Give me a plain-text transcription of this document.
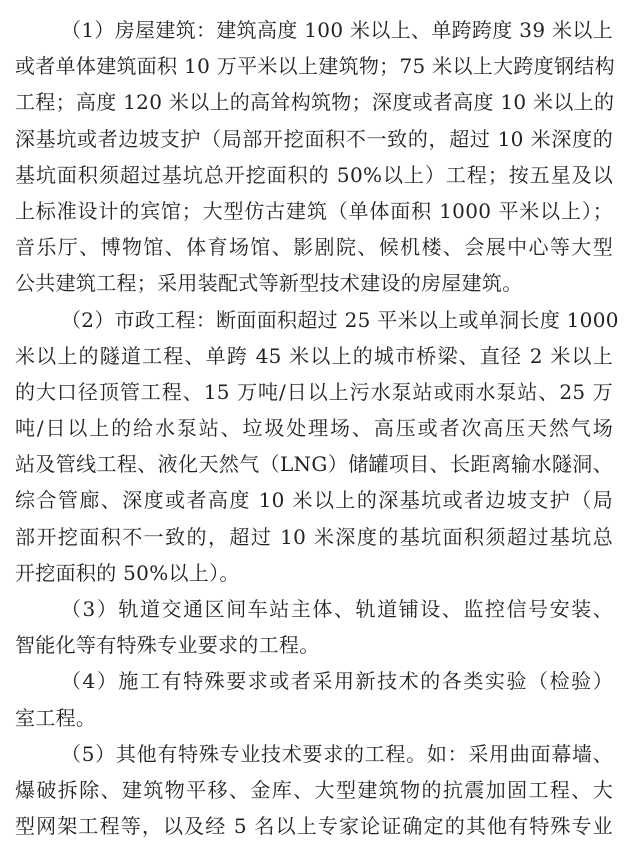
（1）房屋建筑：建筑高度 100 米以上、单跨跨度 39 米以上
或者单体建筑面积 10 万平米以上建筑物；75 米以上大跨度钢结构
工程；高度 120 米以上的高耸构筑物；深度或者高度 10 米以上的
深基坑或者边坡支护（局部开挖面积不一致的，超过 10 米深度的
基坑面积须超过基坑总开挖面积的 50%以上）工程；按五星及以
上标准设计的宾馆；大型仿古建筑（单体面积 1000 平米以上）；
音乐厅、博物馆、体育场馆、影剧院、候机楼、会展中心等大型
公共建筑工程；采用装配式等新型技术建设的房屋建筑。
（2）市政工程：断面面积超过 25 平米以上或单洞长度 1000
米以上的隧道工程、单跨 45 米以上的城市桥梁、直径 2 米以上
的大口径顶管工程、15 万吨/日以上污水泵站或雨水泵站、25 万
吨/日以上的给水泵站、垃圾处理场、高压或者次高压天然气场
站及管线工程、液化天然气（LNG）储罐项目、长距离输水隧洞、
综合管廊、深度或者高度 10 米以上的深基坑或者边坡支护（局
部开挖面积不一致的，超过 10 米深度的基坑面积须超过基坑总
开挖面积的 50%以上）。
（3）轨道交通区间车站主体、轨道铺设、监控信号安装、
智能化等有特殊专业要求的工程。
（4）施工有特殊要求或者采用新技术的各类实验（检验）
室工程。
（5）其他有特殊专业技术要求的工程。如：采用曲面幕墙、
爆破拆除、建筑物平移、金库、大型建筑物的抗震加固工程、大
型网架工程等，以及经 5 名以上专家论证确定的其他有特殊专业
